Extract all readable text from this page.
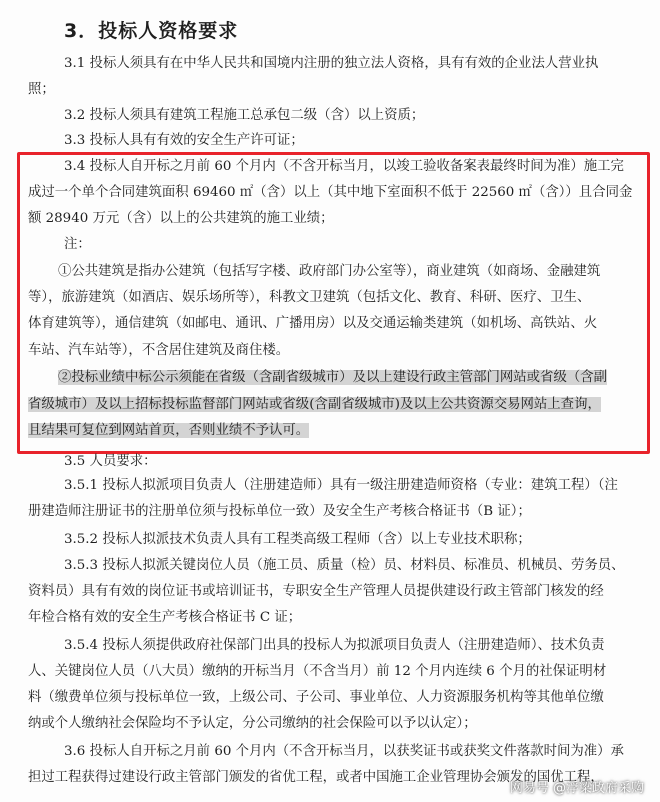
3．投标人资格要求
3.1 投标人须具有在中华人民共和国境内注册的独立法人资格，具有有效的企业法人营业执
照；
3.2 投标人须具有建筑工程施工总承包二级（含）以上资质；
3.3 投标人具有有效的安全生产许可证；
3.4 投标人自开标之月前 60 个月内（不含开标当月，以竣工验收备案表最终时间为准）施工完
成过一个单个合同建筑面积 69460 ㎡（含）以上（其中地下室面积不低于 22560 ㎡（含））且合同金
额 28940 万元（含）以上的公共建筑的施工业绩；
注：
①公共建筑是指办公建筑（包括写字楼、政府部门办公室等），商业建筑（如商场、金融建筑
等），旅游建筑（如酒店、娱乐场所等），科教文卫建筑（包括文化、教育、科研、医疗、卫生、
体育建筑等），通信建筑（如邮电、通讯、广播用房）以及交通运输类建筑（如机场、高铁站、火
车站、汽车站等），不含居住建筑及商住楼。
②投标业绩中标公示须能在省级（含副省级城市）及以上建设行政主管部门网站或省级（含副
省级城市）及以上招标投标监督部门网站或省级(含副省级城市)及以上公共资源交易网站上查询，
且结果可复位到网站首页，否则业绩不予认可。
3.5 人员要求：
3.5.1 投标人拟派项目负责人（注册建造师）具有一级注册建造师资格（专业：建筑工程）（注
册建造师注册证书的注册单位须与投标单位一致）及安全生产考核合格证书（B 证）；
3.5.2 投标人拟派技术负责人具有工程类高级工程师（含）以上专业技术职称；
3.5.3 投标人拟派关键岗位人员（施工员、质量（检）员、材料员、标准员、机械员、劳务员、
资料员）具有有效的岗位证书或培训证书，专职安全生产管理人员提供建设行政主管部门核发的经
年检合格有效的安全生产考核合格证书 C 证；
3.5.4 投标人须提供政府社保部门出具的投标人为拟派项目负责人（注册建造师）、技术负责
人、关键岗位人员（八大员）缴纳的开标当月（不含当月）前 12 个月内连续 6 个月的社保证明材
料（缴费单位须与投标单位一致，上级公司、子公司、事业单位、人力资源服务机构等其他单位缴
纳或个人缴纳社会保险均不予认定，分公司缴纳的社会保险可以予以认定）；
3.6 投标人自开标之月前 60 个月内（不含开标当月，以获奖证书或获奖文件落款时间为准）承
担过工程获得过建设行政主管部门颁发的省优工程，或者中国施工企业管理协会颁发的国优工程，
网易号 @浮梁政府采购
